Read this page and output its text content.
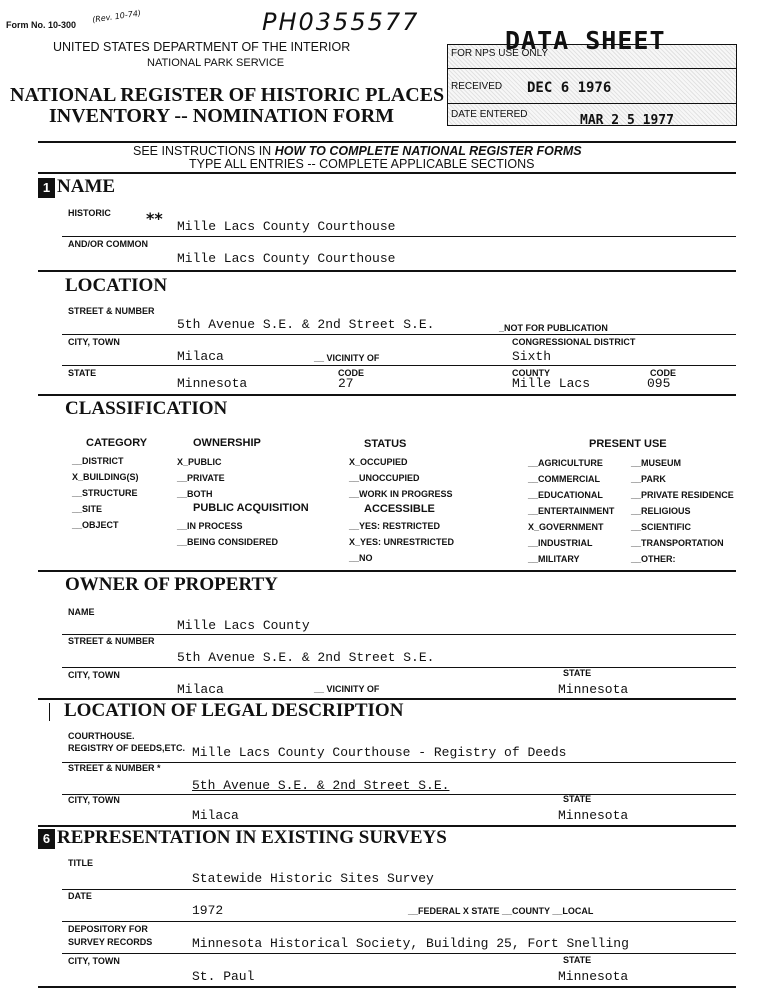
Form No. 10-300
(Rev. 10-74)	PH0355577
UNITED STATES DEPARTMENT OF THE INTERIOR
NATIONAL PARK SERVICE
NATIONAL REGISTER OF HISTORIC PLACES
INVENTORY -- NOMINATION FORM
DATA SHEET
FOR NPS USE ONLY
RECEIVED DEC 6 1976
DATE ENTERED	MAR 2 5 1977
SEE INSTRUCTIONS IN HOW TO COMPLETE NATIONAL REGISTER FORMS
TYPE ALL ENTRIES -- COMPLETE APPLICABLE SECTIONS
1 NAME
HISTORIC ** Mille Lacs County Courthouse
AND/OR COMMON
Mille Lacs County Courthouse
LOCATION
STREET & NUMBER
5th Avenue S.E. & 2nd Street S.E.	_NOT FOR PUBLICATION
CITY, TOWN	CONGRESSIONAL DISTRICT
Milaca	__ VICINITY OF	Sixth
STATE	CODE	COUNTY	CODE
Minnesota	27	Mille Lacs	095
CLASSIFICATION
CATEGORY
__DISTRICT
X_BUILDING(S)
__STRUCTURE
__SITE
__OBJECT
OWNERSHIP
X_PUBLIC
__PRIVATE
__BOTH
PUBLIC ACQUISITION
__IN PROCESS
__BEING CONSIDERED
STATUS
X_OCCUPIED
__UNOCCUPIED
__WORK IN PROGRESS
ACCESSIBLE
__YES: RESTRICTED
X_YES: UNRESTRICTED
__NO
PRESENT USE
__AGRICULTURE
__COMMERCIAL
__EDUCATIONAL
__ENTERTAINMENT
X_GOVERNMENT
__INDUSTRIAL
__MILITARY
__MUSEUM
__PARK
__PRIVATE RESIDENCE
__RELIGIOUS
__SCIENTIFIC
__TRANSPORTATION
__OTHER:
OWNER OF PROPERTY
NAME
Mille Lacs County
STREET & NUMBER
5th Avenue S.E. & 2nd Street S.E.
CITY, TOWN	STATE
Milaca	__ VICINITY OF	Minnesota
LOCATION OF LEGAL DESCRIPTION
COURTHOUSE.
REGISTRY OF DEEDS,ETC. Mille Lacs County Courthouse - Registry of Deeds
STREET & NUMBER *
5th Avenue S.E. & 2nd Street S.E.
CITY, TOWN	STATE
Milaca	Minnesota
6 REPRESENTATION IN EXISTING SURVEYS
TITLE
Statewide Historic Sites Survey
DATE
1972	__FEDERAL X STATE __COUNTY __LOCAL
DEPOSITORY FOR
SURVEY RECORDS	Minnesota Historical Society, Building 25, Fort Snelling
CITY, TOWN	STATE
St. Paul	Minnesota
